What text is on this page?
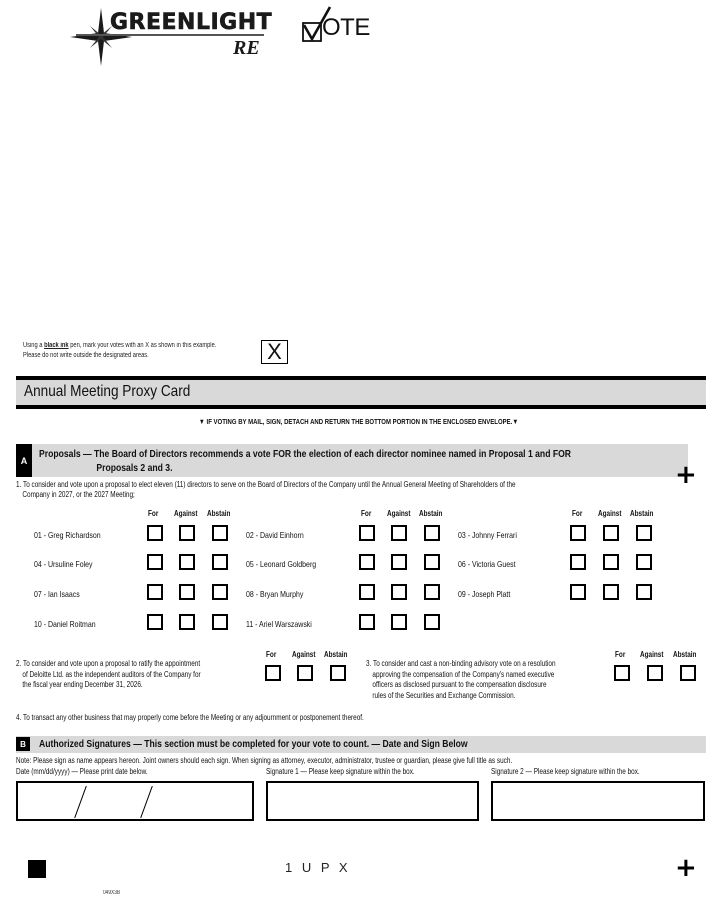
GREENLIGHT
RE
OTE
Using a black ink pen, mark your votes with an X as shown in this example.
Please do not write outside the designated areas.	X
Annual Meeting Proxy Card
▼ IF VOTING BY MAIL, SIGN, DETACH AND RETURN THE BOTTOM PORTION IN THE ENCLOSED ENVELOPE.▼
A
Proposals — The Board of Directors recommends a vote FOR the election of each director nominee named in Proposal 1 and FOR
Proposals 2 and 3.	+
1. To consider and vote upon a proposal to elect eleven (11) directors to serve on the Board of Directors of the Company until the Annual General Meeting of Shareholders of the
Company in 2027, or the 2027 Meeting;
For Against Abstain	For Against Abstain	For Against Abstain
01 - Greg Richardson	02 - David Einhorn	03 - Johnny Ferrari
04 - Ursuline Foley	05 - Leonard Goldberg	06 - Victoria Guest
07 - Ian Isaacs	08 - Bryan Murphy	09 - Joseph Platt
10 - Daniel Roitman	11 - Ariel Warszawski
2. To consider and vote upon a proposal to ratify the appointment
of Deloitte Ltd. as the independent auditors of the Company for
the fiscal year ending December 31, 2026.
For Against Abstain
3. To consider and cast a non-binding advisory vote on a resolution
approving the compensation of the Company's named executive
officers as disclosed pursuant to the compensation disclosure
rules of the Securities and Exchange Commission.
For Against Abstain
4. To transact any other business that may properly come before the Meeting or any adjournment or postponement thereof.
B	Authorized Signatures — This section must be completed for your vote to count. — Date and Sign Below
Note: Please sign as name appears hereon. Joint owners should each sign. When signing as attorney, executor, administrator, trustee or guardian, please give full title as such.
Date (mm/dd/yyyy) — Please print date below.	Signature 1 — Please keep signature within the box.	Signature 2 — Please keep signature within the box.
1 U P X	+
049X3B
